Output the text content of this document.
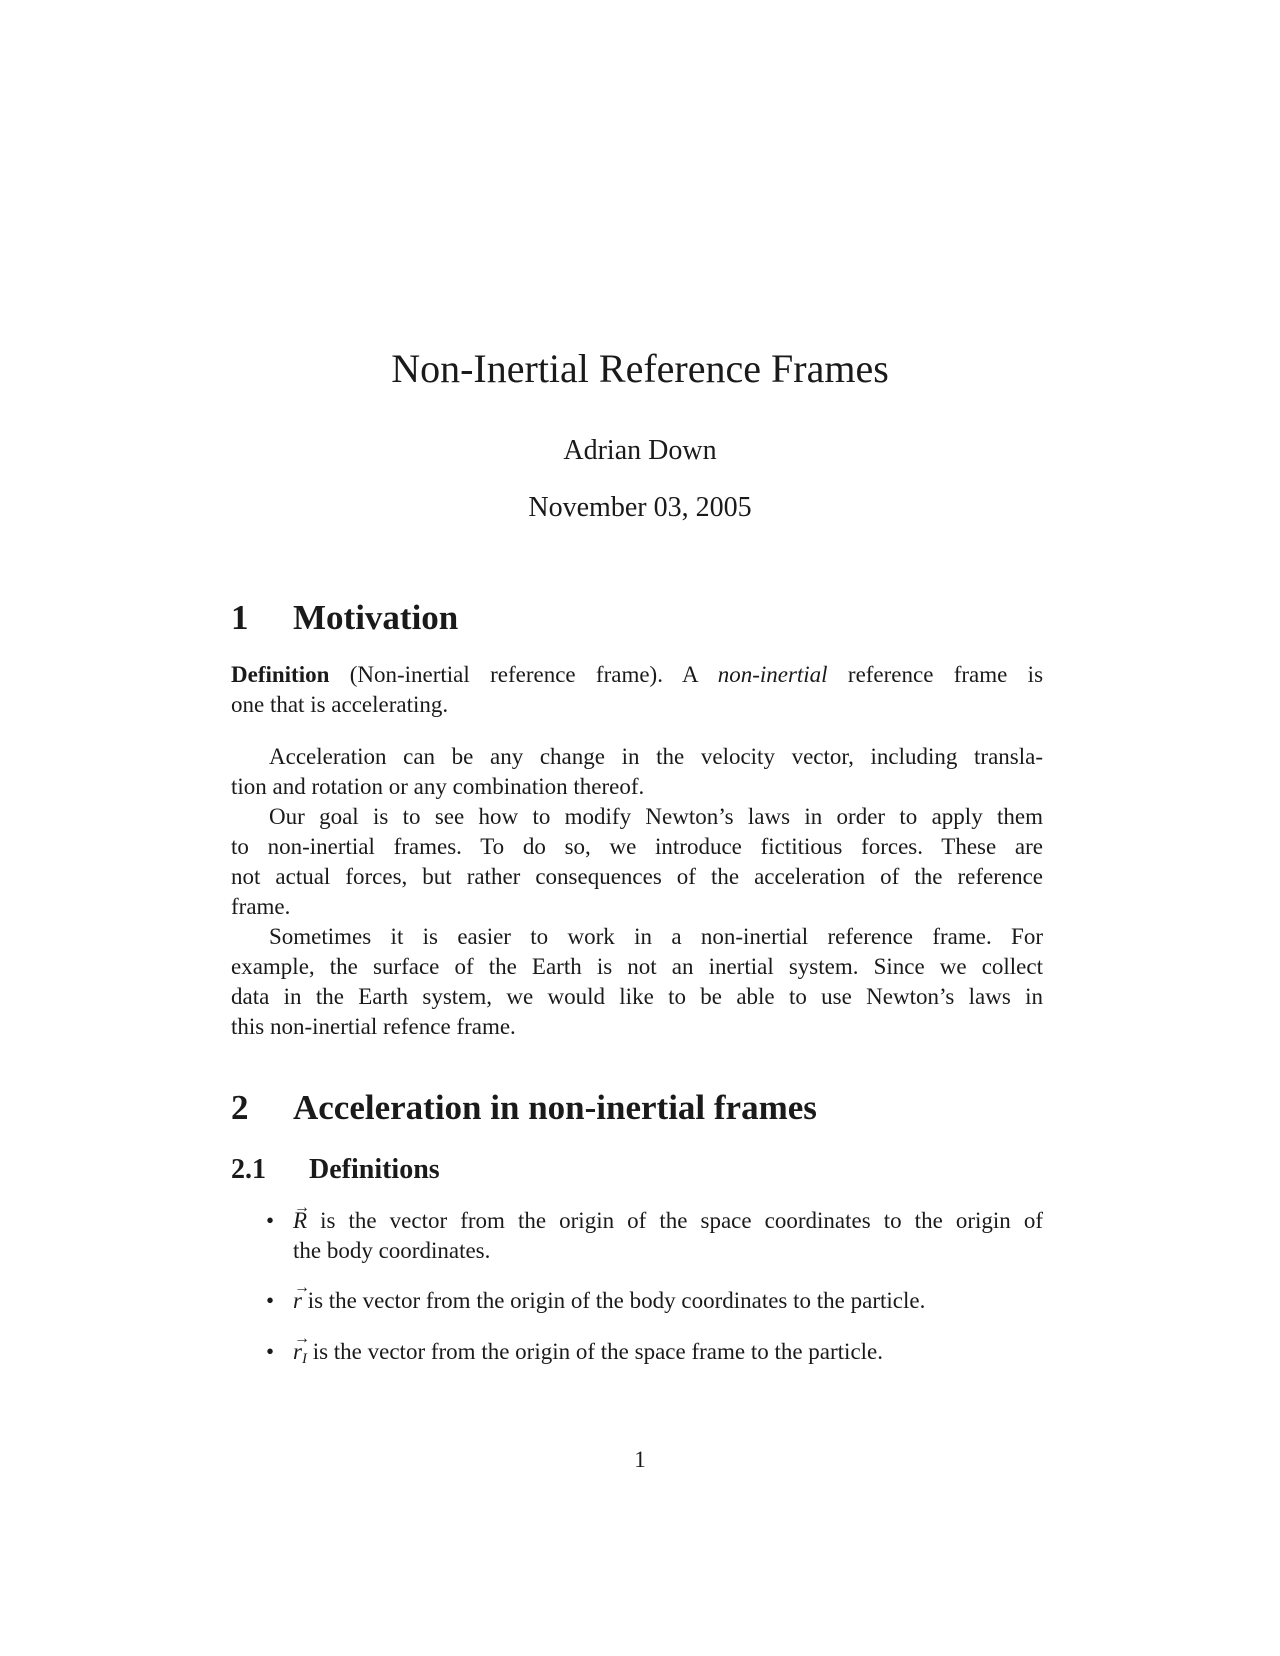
Non-Inertial Reference Frames
Adrian Down
November 03, 2005
1 Motivation
Definition (Non-inertial reference frame). A non-inertial reference frame is
one that is accelerating.
Acceleration can be any change in the velocity vector, including transla-
tion and rotation or any combination thereof.
Our goal is to see how to modify Newton’s laws in order to apply them
to non-inertial frames. To do so, we introduce fictitious forces. These are
not actual forces, but rather consequences of the acceleration of the reference
frame.
Sometimes it is easier to work in a non-inertial reference frame. For
example, the surface of the Earth is not an inertial system. Since we collect
data in the Earth system, we would like to be able to use Newton’s laws in
this non-inertial refence frame.
2 Acceleration in non-inertial frames
2.1 Definitions
• → R is the vector from the origin of the space coordinates to the origin of
the body coordinates.
• → r is the vector from the origin of the body coordinates to the particle.
• → $r_I$ is the vector from the origin of the space frame to the particle.
1
